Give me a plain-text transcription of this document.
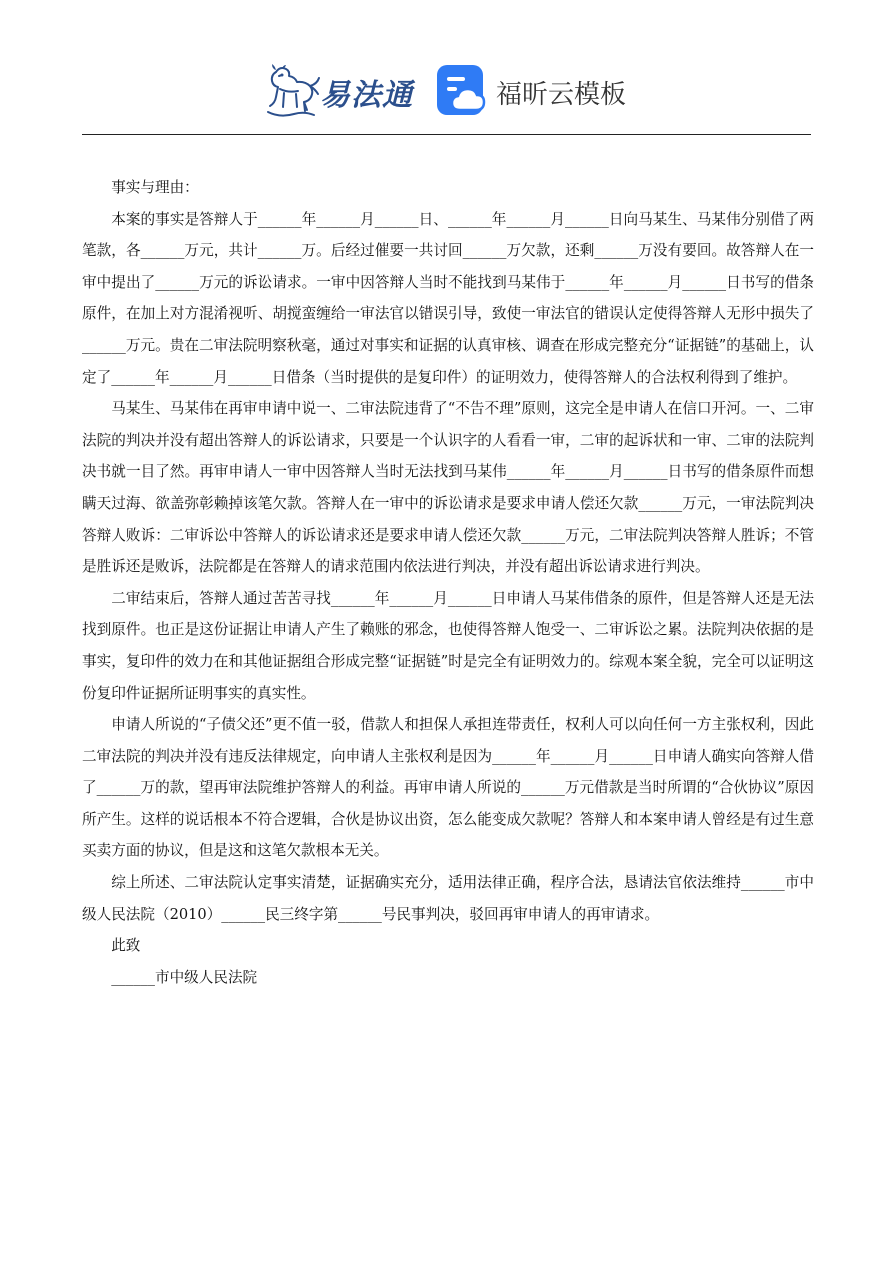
易法通	福昕云模板

事实与理由：

本案的事实是答辩人于______年______月______日、______年______月______日向马某生、马某伟分别借了两笔款，各______万元，共计______万。后经过催要一共讨回______万欠款，还剩______万没有要回。故答辩人在一审中提出了______万元的诉讼请求。一审中因答辩人当时不能找到马某伟于______年______月______日书写的借条原件，在加上对方混淆视听、胡搅蛮缠给一审法官以错误引导，致使一审法官的错误认定使得答辩人无形中损失了______万元。贵在二审法院明察秋毫，通过对事实和证据的认真审核、调查在形成完整充分“证据链”的基础上，认定了______年______月______日借条（当时提供的是复印件）的证明效力，使得答辩人的合法权利得到了维护。

马某生、马某伟在再审申请中说一、二审法院违背了“不告不理”原则，这完全是申请人在信口开河。一、二审法院的判决并没有超出答辩人的诉讼请求，只要是一个认识字的人看看一审，二审的起诉状和一审、二审的法院判决书就一目了然。再审申请人一审中因答辩人当时无法找到马某伟______年______月______日书写的借条原件而想瞒天过海、欲盖弥彰赖掉该笔欠款。答辩人在一审中的诉讼请求是要求申请人偿还欠款______万元，一审法院判决答辩人败诉：二审诉讼中答辩人的诉讼请求还是要求申请人偿还欠款______万元，二审法院判决答辩人胜诉；不管是胜诉还是败诉，法院都是在答辩人的请求范围内依法进行判决，并没有超出诉讼请求进行判决。

二审结束后，答辩人通过苦苦寻找______年______月______日申请人马某伟借条的原件，但是答辩人还是无法找到原件。也正是这份证据让申请人产生了赖账的邪念，也使得答辩人饱受一、二审诉讼之累。法院判决依据的是事实，复印件的效力在和其他证据组合形成完整“证据链”时是完全有证明效力的。综观本案全貌，完全可以证明这份复印件证据所证明事实的真实性。

申请人所说的“子债父还”更不值一驳，借款人和担保人承担连带责任，权利人可以向任何一方主张权利，因此二审法院的判决并没有违反法律规定，向申请人主张权利是因为______年______月______日申请人确实向答辩人借了______万的款，望再审法院维护答辩人的利益。再审申请人所说的______万元借款是当时所谓的“合伙协议”原因所产生。这样的说话根本不符合逻辑，合伙是协议出资，怎么能变成欠款呢？答辩人和本案申请人曾经是有过生意买卖方面的协议，但是这和这笔欠款根本无关。

综上所述、二审法院认定事实清楚，证据确实充分，适用法律正确，程序合法，恳请法官依法维持______市中级人民法院（2010）______民三终字第______号民事判决，驳回再审申请人的再审请求。

此致

______市中级人民法院
